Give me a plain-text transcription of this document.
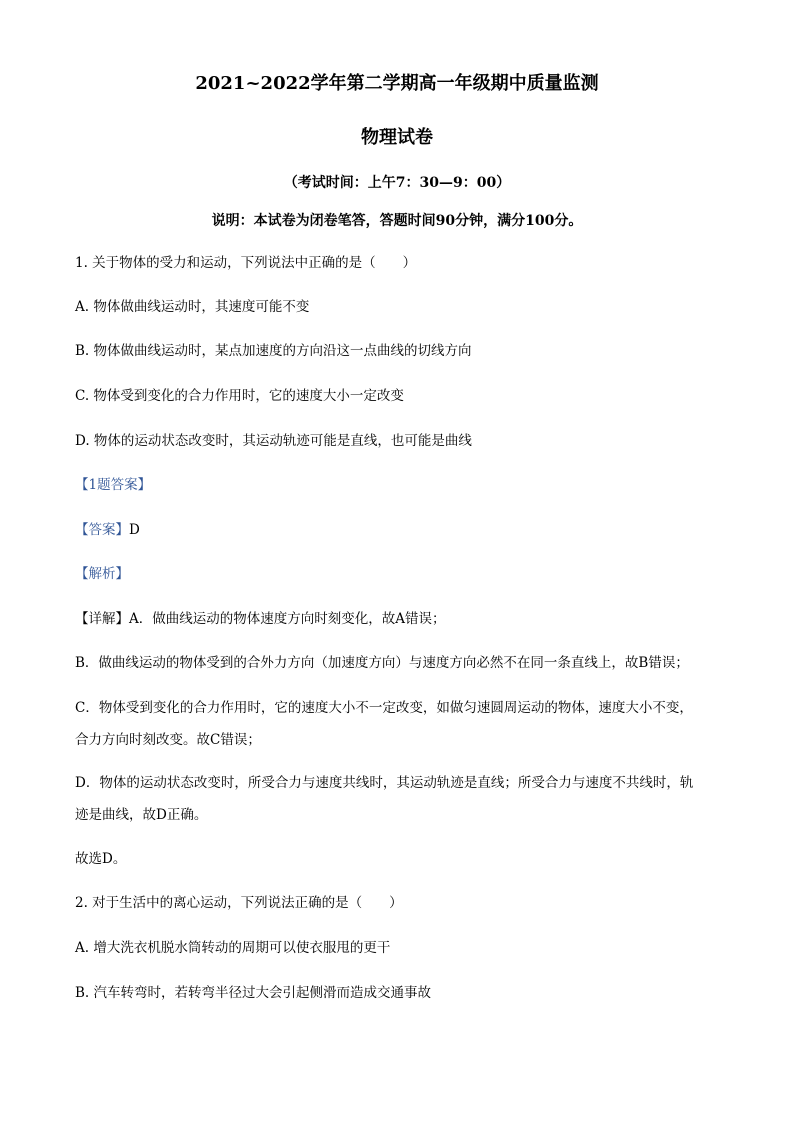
2021~2022学年第二学期高一年级期中质量监测
物理试卷
（考试时间：上午7：30—9：00）
说明：本试卷为闭卷笔答，答题时间90分钟，满分100分。
1. 关于物体的受力和运动，下列说法中正确的是（　　）
A. 物体做曲线运动时，其速度可能不变
B. 物体做曲线运动时，某点加速度的方向沿这一点曲线的切线方向
C. 物体受到变化的合力作用时，它的速度大小一定改变
D. 物体的运动状态改变时，其运动轨迹可能是直线，也可能是曲线
【1题答案】
【答案】D
【解析】
【详解】A．做曲线运动的物体速度方向时刻变化，故A错误；
B．做曲线运动的物体受到的合外力方向（加速度方向）与速度方向必然不在同一条直线上，故B错误；
C．物体受到变化的合力作用时，它的速度大小不一定改变，如做匀速圆周运动的物体，速度大小不变，
合力方向时刻改变。故C错误；
D．物体的运动状态改变时，所受合力与速度共线时，其运动轨迹是直线；所受合力与速度不共线时，轨
迹是曲线，故D正确。
故选D。
2. 对于生活中的离心运动，下列说法正确的是（　　）
A. 增大洗衣机脱水筒转动的周期可以使衣服甩的更干
B. 汽车转弯时，若转弯半径过大会引起侧滑而造成交通事故
